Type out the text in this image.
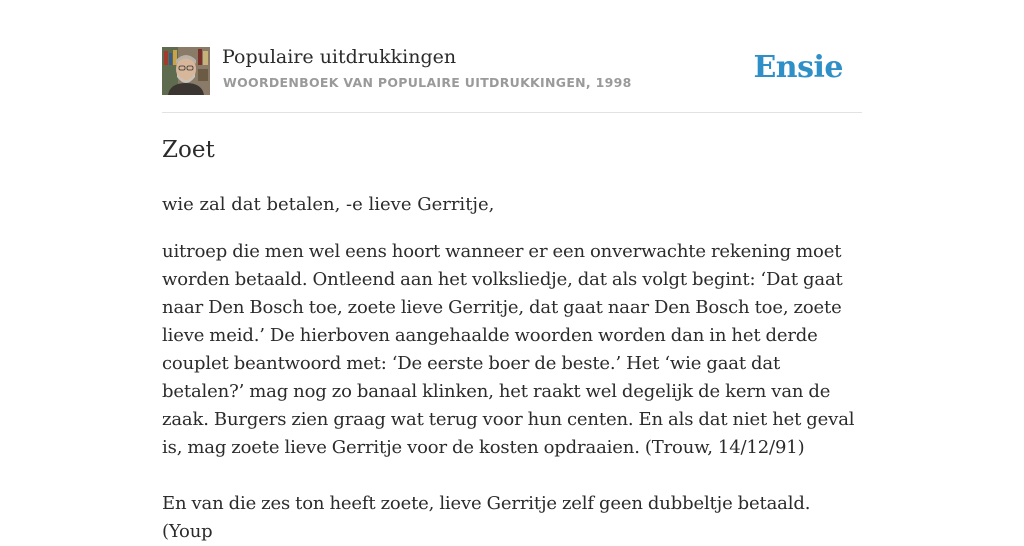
Populaire uitdrukkingen
WOORDENBOEK VAN POPULAIRE UITDRUKKINGEN, 1998	Ensie
Zoet

wie zal dat betalen, -e lieve Gerritje,

uitroep die men wel eens hoort wanneer er een onverwachte rekening moet worden betaald. Ontleend aan het volksliedje, dat als volgt begint: ‘Dat gaat naar Den Bosch toe, zoete lieve Gerritje, dat gaat naar Den Bosch toe, zoete lieve meid.’ De hierboven aangehaalde woorden worden dan in het derde couplet beantwoord met: ‘De eerste boer de beste.’ Het ‘wie gaat dat betalen?’ mag nog zo banaal klinken, het raakt wel degelijk de kern van de zaak. Burgers zien graag wat terug voor hun centen. En als dat niet het geval is, mag zoete lieve Gerritje voor de kosten opdraaien. (Trouw, 14/12/91)

En van die zes ton heeft zoete, lieve Gerritje zelf geen dubbeltje betaald. (Youp
